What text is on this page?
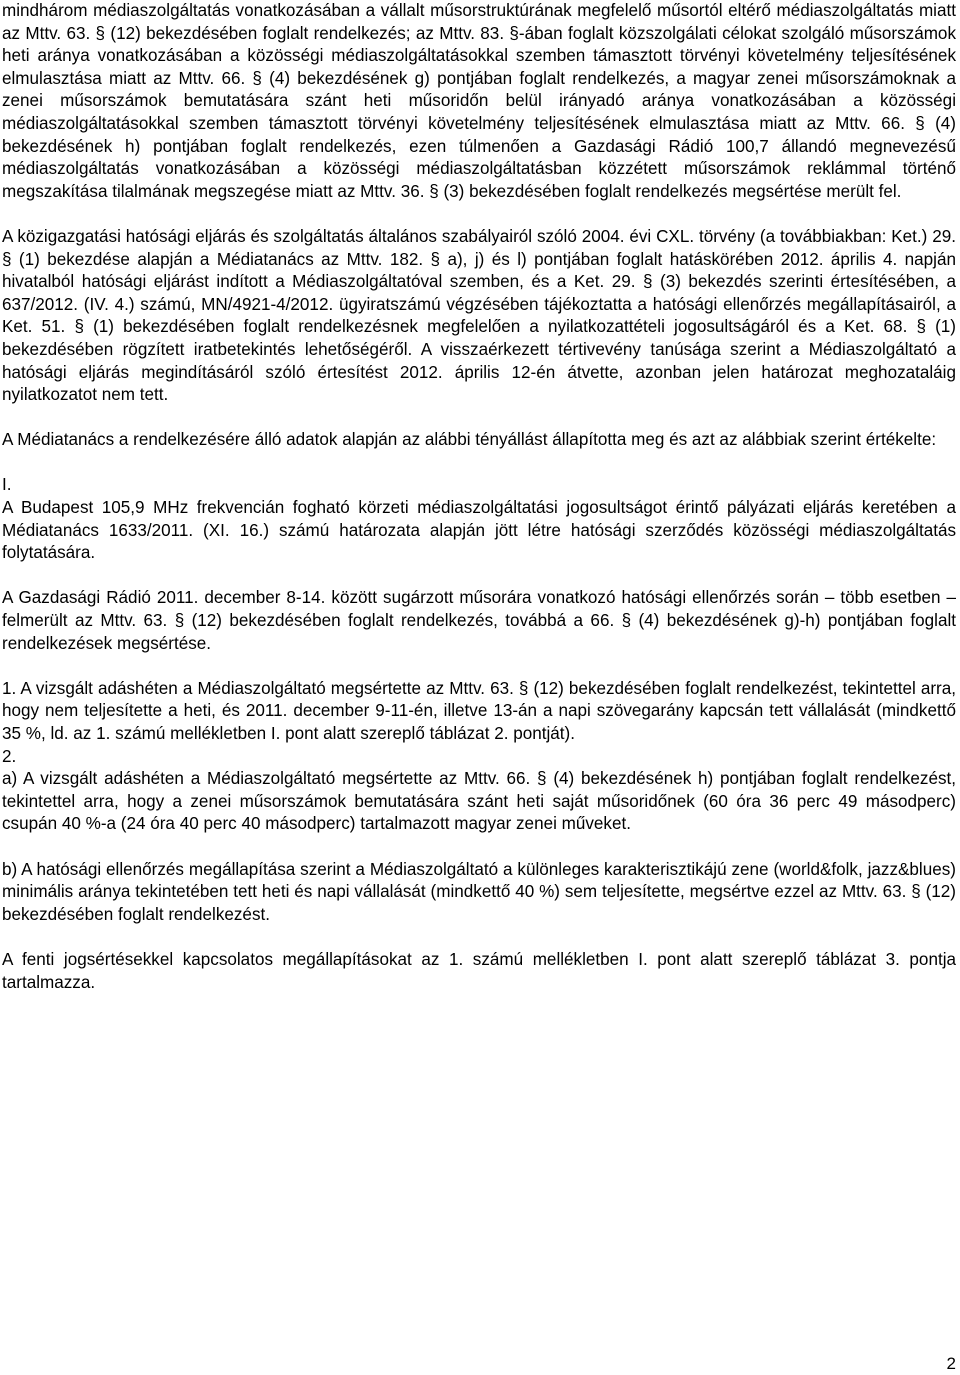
mindhárom médiaszolgáltatás vonatkozásában a vállalt műsorstruktúrának megfelelő műsortól eltérő médiaszolgáltatás miatt az Mttv. 63. § (12) bekezdésében foglalt rendelkezés; az Mttv. 83. §-ában foglalt közszolgálati célokat szolgáló műsorszámok heti aránya vonatkozásában a közösségi médiaszolgáltatásokkal szemben támasztott törvényi követelmény teljesítésének elmulasztása miatt az Mttv. 66. § (4) bekezdésének g) pontjában foglalt rendelkezés, a magyar zenei műsorszámoknak a zenei műsorszámok bemutatására szánt heti műsoridőn belül irányadó aránya vonatkozásában a közösségi médiaszolgáltatásokkal szemben támasztott törvényi követelmény teljesítésének elmulasztása miatt az Mttv. 66. § (4) bekezdésének h) pontjában foglalt rendelkezés, ezen túlmenően a Gazdasági Rádió 100,7 állandó megnevezésű médiaszolgáltatás vonatkozásában a közösségi médiaszolgáltatásban közzétett műsorszámok reklámmal történő megszakítása tilalmának megszegése miatt az Mttv. 36. § (3) bekezdésében foglalt rendelkezés megsértése merült fel.

A közigazgatási hatósági eljárás és szolgáltatás általános szabályairól szóló 2004. évi CXL. törvény (a továbbiakban: Ket.) 29. § (1) bekezdése alapján a Médiatanács az Mttv. 182. § a), j) és l) pontjában foglalt hatáskörében 2012. április 4. napján hivatalból hatósági eljárást indított a Médiaszolgáltatóval szemben, és a Ket. 29. § (3) bekezdés szerinti értesítésében, a 637/2012. (IV. 4.) számú, MN/4921-4/2012. ügyiratszámú végzésében tájékoztatta a hatósági ellenőrzés megállapításairól, a Ket. 51. § (1) bekezdésében foglalt rendelkezésnek megfelelően a nyilatkozattételi jogosultságáról és a Ket. 68. § (1) bekezdésében rögzített iratbetekintés lehetőségéről. A visszaérkezett tértivevény tanúsága szerint a Médiaszolgáltató a hatósági eljárás megindításáról szóló értesítést 2012. április 12-én átvette, azonban jelen határozat meghozataláig nyilatkozatot nem tett.

A Médiatanács a rendelkezésére álló adatok alapján az alábbi tényállást állapította meg és azt az alábbiak szerint értékelte:

I.

A Budapest 105,9 MHz frekvencián fogható körzeti médiaszolgáltatási jogosultságot érintő pályázati eljárás keretében a Médiatanács 1633/2011. (XI. 16.) számú határozata alapján jött létre hatósági szerződés közösségi médiaszolgáltatás folytatására.

A Gazdasági Rádió 2011. december 8-14. között sugárzott műsorára vonatkozó hatósági ellenőrzés során – több esetben – felmerült az Mttv. 63. § (12) bekezdésében foglalt rendelkezés, továbbá a 66. § (4) bekezdésének g)-h) pontjában foglalt rendelkezések megsértése.

1. A vizsgált adáshéten a Médiaszolgáltató megsértette az Mttv. 63. § (12) bekezdésében foglalt rendelkezést, tekintettel arra, hogy nem teljesítette a heti, és 2011. december 9-11-én, illetve 13-án a napi szövegarány kapcsán tett vállalását (mindkettő 35 %, ld. az 1. számú mellékletben I. pont alatt szereplő táblázat 2. pontját).

2.

a) A vizsgált adáshéten a Médiaszolgáltató megsértette az Mttv. 66. § (4) bekezdésének h) pontjában foglalt rendelkezést, tekintettel arra, hogy a zenei műsorszámok bemutatására szánt heti saját műsoridőnek (60 óra 36 perc 49 másodperc) csupán 40 %-a (24 óra 40 perc 40 másodperc) tartalmazott magyar zenei műveket.

b) A hatósági ellenőrzés megállapítása szerint a Médiaszolgáltató a különleges karakterisztikájú zene (world&folk, jazz&blues) minimális aránya tekintetében tett heti és napi vállalását (mindkettő 40 %) sem teljesítette, megsértve ezzel az Mttv. 63. § (12) bekezdésében foglalt rendelkezést.

A fenti jogsértésekkel kapcsolatos megállapításokat az 1. számú mellékletben I. pont alatt szereplő táblázat 3. pontja tartalmazza.

2
